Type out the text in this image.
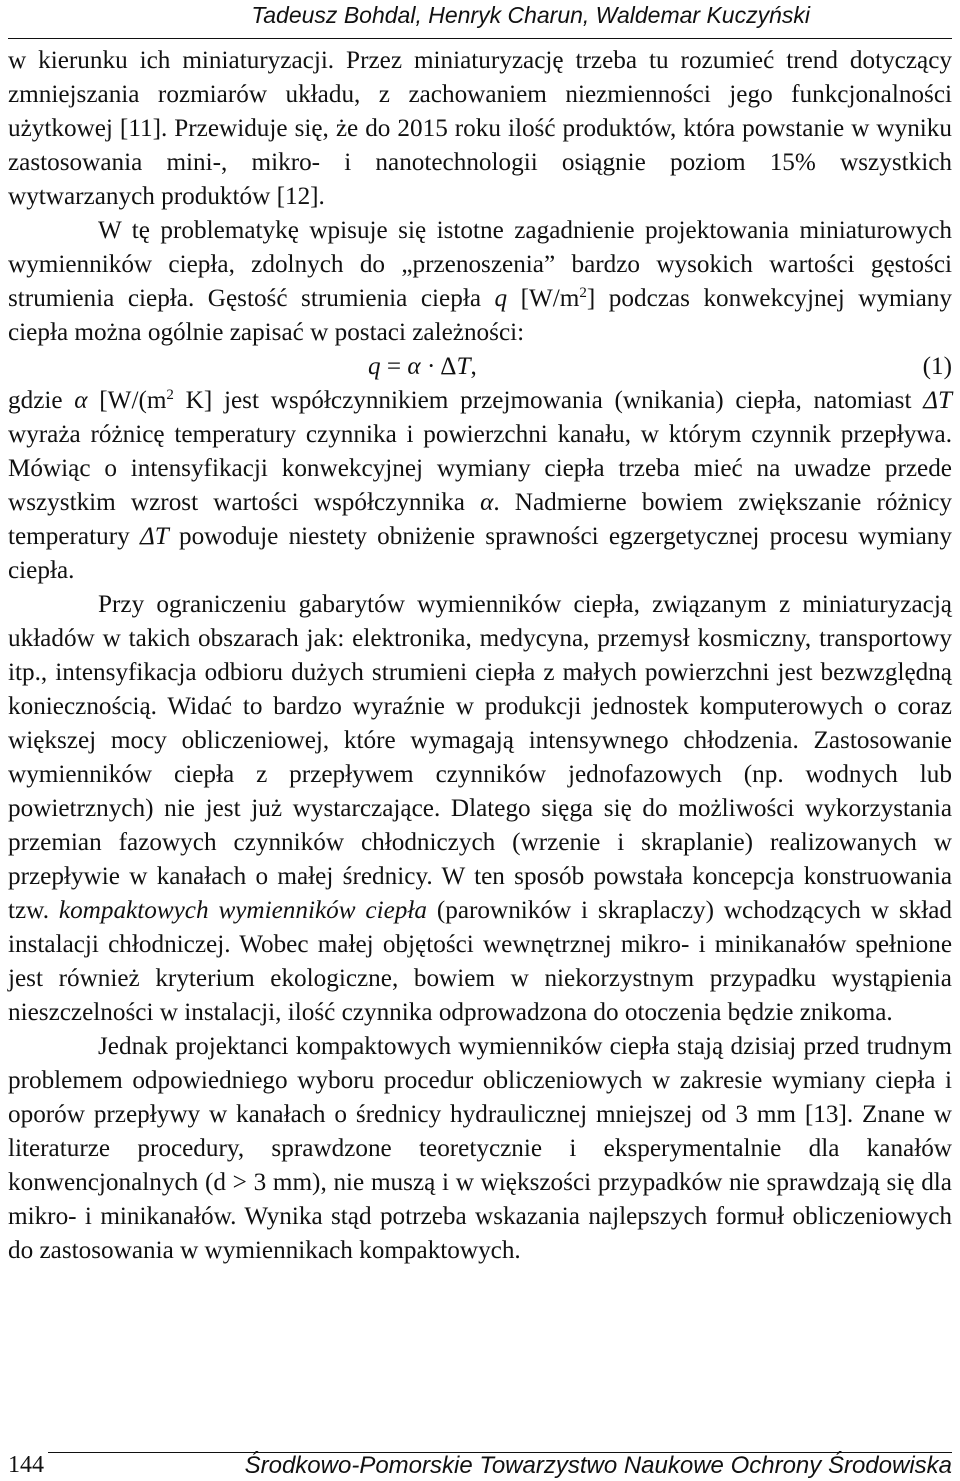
Tadeusz Bohdal, Henryk Charun, Waldemar Kuczyński

w kierunku ich miniaturyzacji. Przez miniaturyzację trzeba tu rozumieć trend dotyczący zmniejszania rozmiarów układu, z zachowaniem niezmienności jego funkcjonalności użytkowej [11]. Przewiduje się, że do 2015 roku ilość produktów, która powstanie w wyniku zastosowania mini-, mikro- i nanotechnologii osiągnie poziom 15% wszystkich wytwarzanych produktów [12].

W tę problematykę wpisuje się istotne zagadnienie projektowania miniaturowych wymienników ciepła, zdolnych do „przenoszenia” bardzo wysokich wartości gęstości strumienia ciepła. Gęstość strumienia ciepła q $[W/m^2]$ podczas konwekcyjnej wymiany ciepła można ogólnie zapisać w postaci zależności:

q = α · ΔT,	(1)

gdzie α [$W/(m^2$ K] jest współczynnikiem przejmowania (wnikania) ciepła, natomiast ΔT wyraża różnicę temperatury czynnika i powierzchni kanału, w którym czynnik przepływa. Mówiąc o intensyfikacji konwekcyjnej wymiany ciepła trzeba mieć na uwadze przede wszystkim wzrost wartości współczynnika α. Nadmierne bowiem zwiększanie różnicy temperatury ΔT powoduje niestety obniżenie sprawności egzergetycznej procesu wymiany ciepła.

Przy ograniczeniu gabarytów wymienników ciepła, związanym z miniaturyzacją układów w takich obszarach jak: elektronika, medycyna, przemysł kosmiczny, transportowy itp., intensyfikacja odbioru dużych strumieni ciepła z małych powierzchni jest bezwzględną koniecznością. Widać to bardzo wyraźnie w produkcji jednostek komputerowych o coraz większej mocy obliczeniowej, które wymagają intensywnego chłodzenia. Zastosowanie wymienników ciepła z przepływem czynników jednofazowych (np. wodnych lub powietrznych) nie jest już wystarczające. Dlatego sięga się do możliwości wykorzystania przemian fazowych czynników chłodniczych (wrzenie i skraplanie) realizowanych w przepływie w kanałach o małej średnicy. W ten sposób powstała koncepcja konstruowania tzw. kompaktowych wymienników ciepła (parowników i skraplaczy) wchodzących w skład instalacji chłodniczej. Wobec małej objętości wewnętrznej mikro- i minikanałów spełnione jest również kryterium ekologiczne, bowiem w niekorzystnym przypadku wystąpienia nieszczelności w instalacji, ilość czynnika odprowadzona do otoczenia będzie znikoma.

Jednak projektanci kompaktowych wymienników ciepła stają dzisiaj przed trudnym problemem odpowiedniego wyboru procedur obliczeniowych w zakresie wymiany ciepła i oporów przepływy w kanałach o średnicy hydraulicznej mniejszej od 3 mm [13]. Znane w literaturze procedury, sprawdzone teoretycznie i eksperymentalnie dla kanałów konwencjonalnych (d > 3 mm), nie muszą i w większości przypadków nie sprawdzają się dla mikro- i minikanałów. Wynika stąd potrzeba wskazania najlepszych formuł obliczeniowych do zastosowania w wymiennikach kompaktowych.

144	Środkowo-Pomorskie Towarzystwo Naukowe Ochrony Środowiska
